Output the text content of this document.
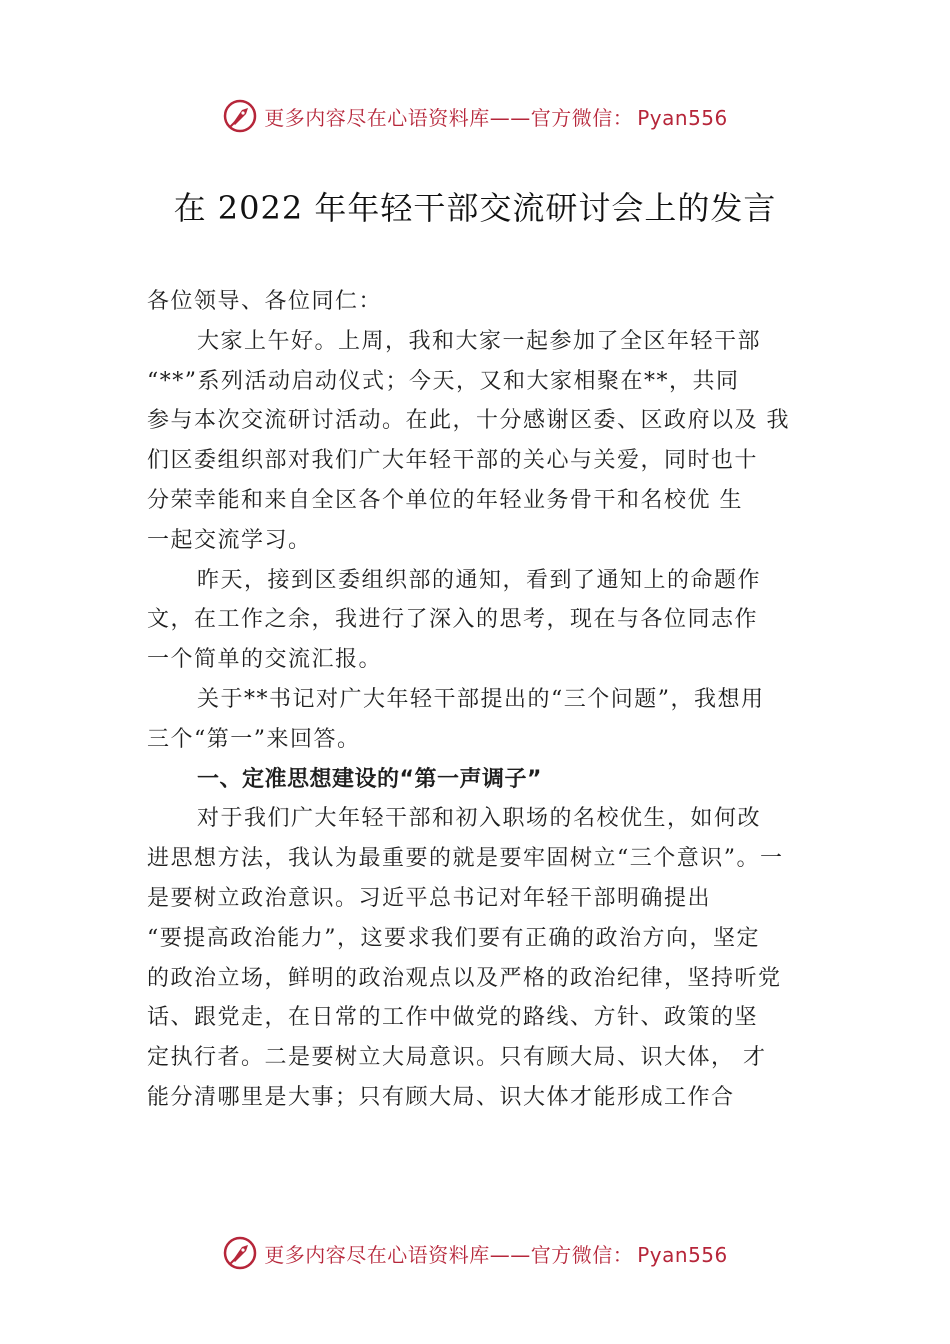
更多内容尽在心语资料库——官方微信： Pyan556
在 2022 年年轻干部交流研讨会上的发言
各位领导、各位同仁：
大家上午好。上周，我和大家一起参加了全区年轻干部
“**”系列活动启动仪式；今天，又和大家相聚在**，共同
参与本次交流研讨活动。在此，十分感谢区委、区政府以及 我
们区委组织部对我们广大年轻干部的关心与关爱，同时也十
分荣幸能和来自全区各个单位的年轻业务骨干和名校优 生
一起交流学习。
昨天，接到区委组织部的通知，看到了通知上的命题作
文，在工作之余，我进行了深入的思考，现在与各位同志作
一个简单的交流汇报。
关于**书记对广大年轻干部提出的“三个问题”，我想用
三个“第一”来回答。
一、定准思想建设的“第一声调子”
对于我们广大年轻干部和初入职场的名校优生，如何改
进思想方法，我认为最重要的就是要牢固树立“三个意识”。一
是要树立政治意识。习近平总书记对年轻干部明确提出
“要提高政治能力”，这要求我们要有正确的政治方向，坚定
的政治立场，鲜明的政治观点以及严格的政治纪律，坚持听党
话、跟党走，在日常的工作中做党的路线、方针、政策的坚
定执行者。二是要树立大局意识。只有顾大局、识大体， 才
能分清哪里是大事；只有顾大局、识大体才能形成工作合
更多内容尽在心语资料库——官方微信： Pyan556
